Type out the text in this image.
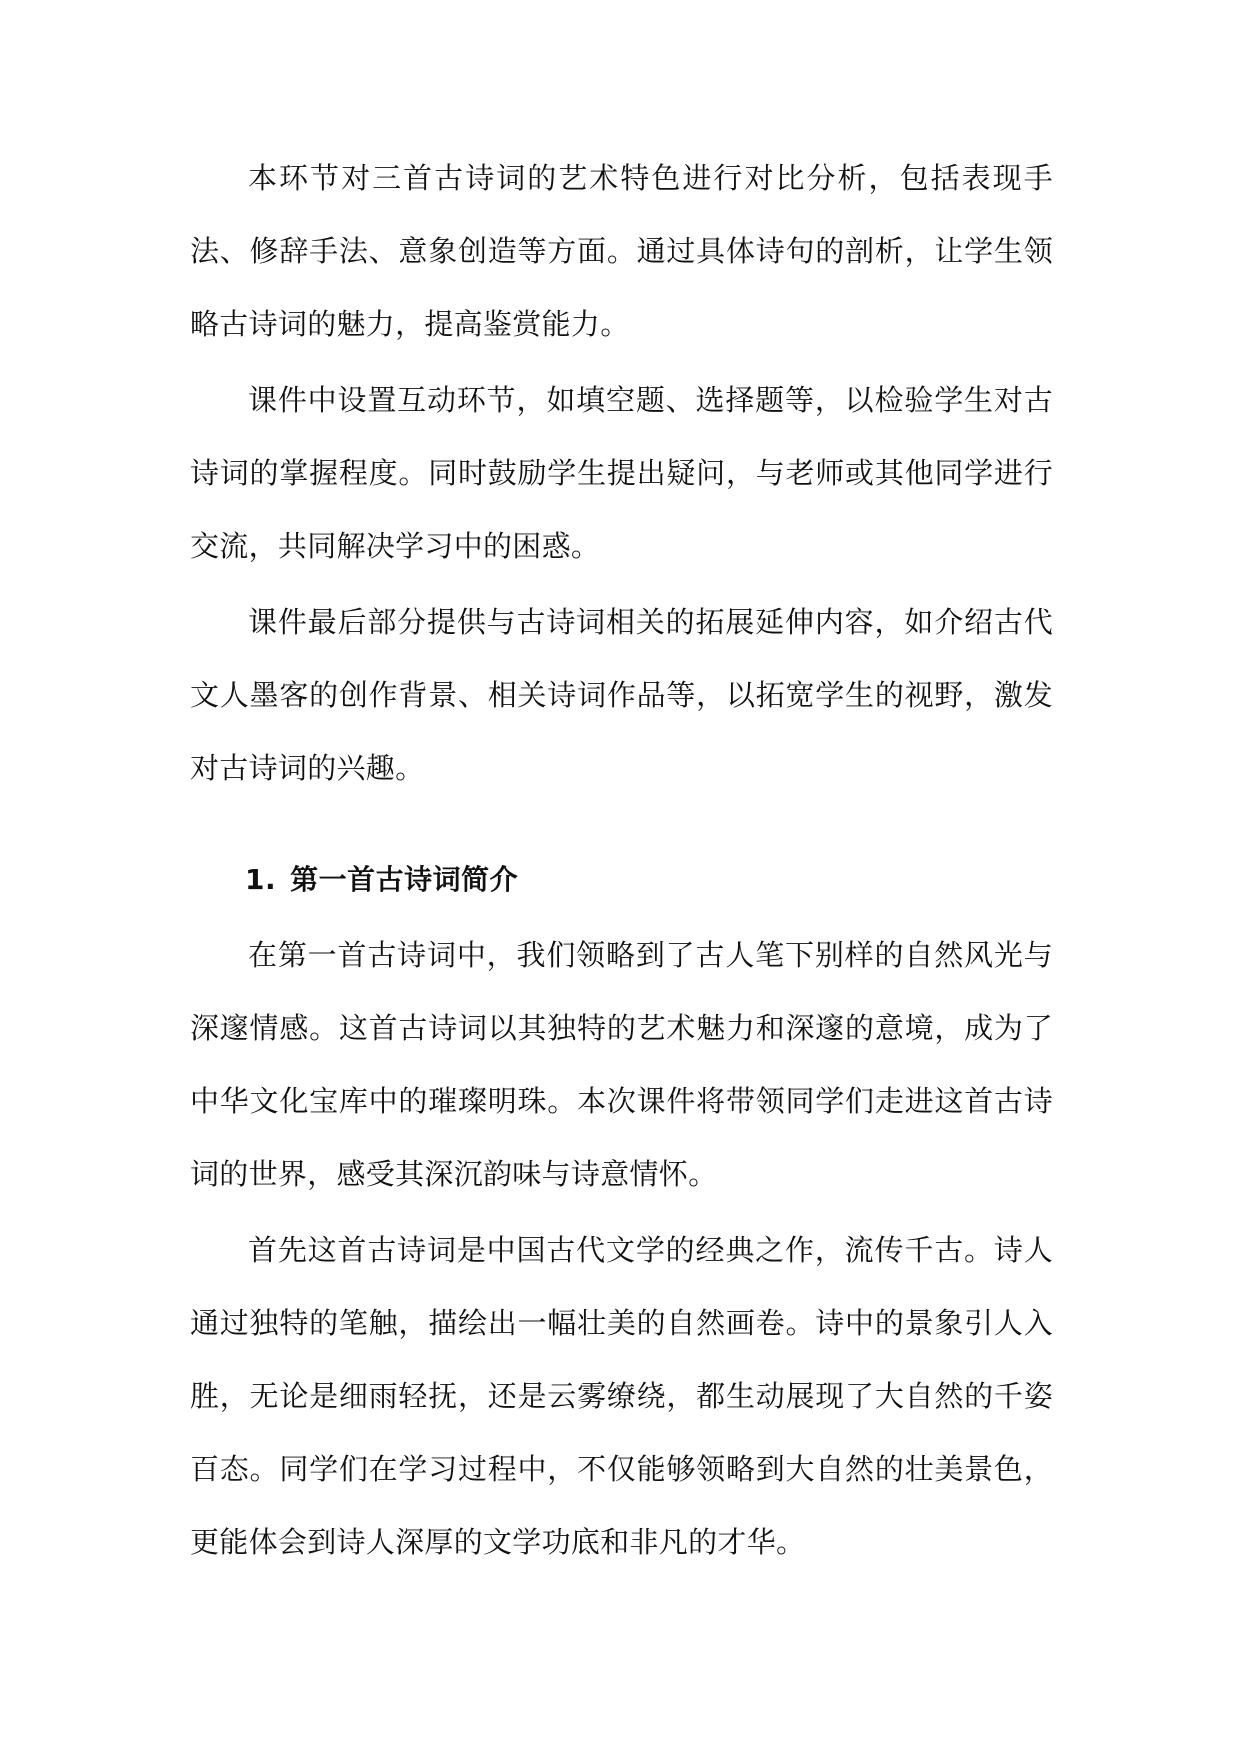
本环节对三首古诗词的艺术特色进行对比分析，包括表现手法、修辞手法、意象创造等方面。通过具体诗句的剖析，让学生领略古诗词的魅力，提高鉴赏能力。

课件中设置互动环节，如填空题、选择题等，以检验学生对古诗词的掌握程度。同时鼓励学生提出疑问，与老师或其他同学进行交流，共同解决学习中的困惑。

课件最后部分提供与古诗词相关的拓展延伸内容，如介绍古代文人墨客的创作背景、相关诗词作品等，以拓宽学生的视野，激发对古诗词的兴趣。

1. 第一首古诗词简介

在第一首古诗词中，我们领略到了古人笔下别样的自然风光与深邃情感。这首古诗词以其独特的艺术魅力和深邃的意境，成为了中华文化宝库中的璀璨明珠。本次课件将带领同学们走进这首古诗词的世界，感受其深沉韵味与诗意情怀。

首先这首古诗词是中国古代文学的经典之作，流传千古。诗人通过独特的笔触，描绘出一幅壮美的自然画卷。诗中的景象引人入胜，无论是细雨轻抚，还是云雾缭绕，都生动展现了大自然的千姿百态。同学们在学习过程中，不仅能够领略到大自然的壮美景色，更能体会到诗人深厚的文学功底和非凡的才华。
